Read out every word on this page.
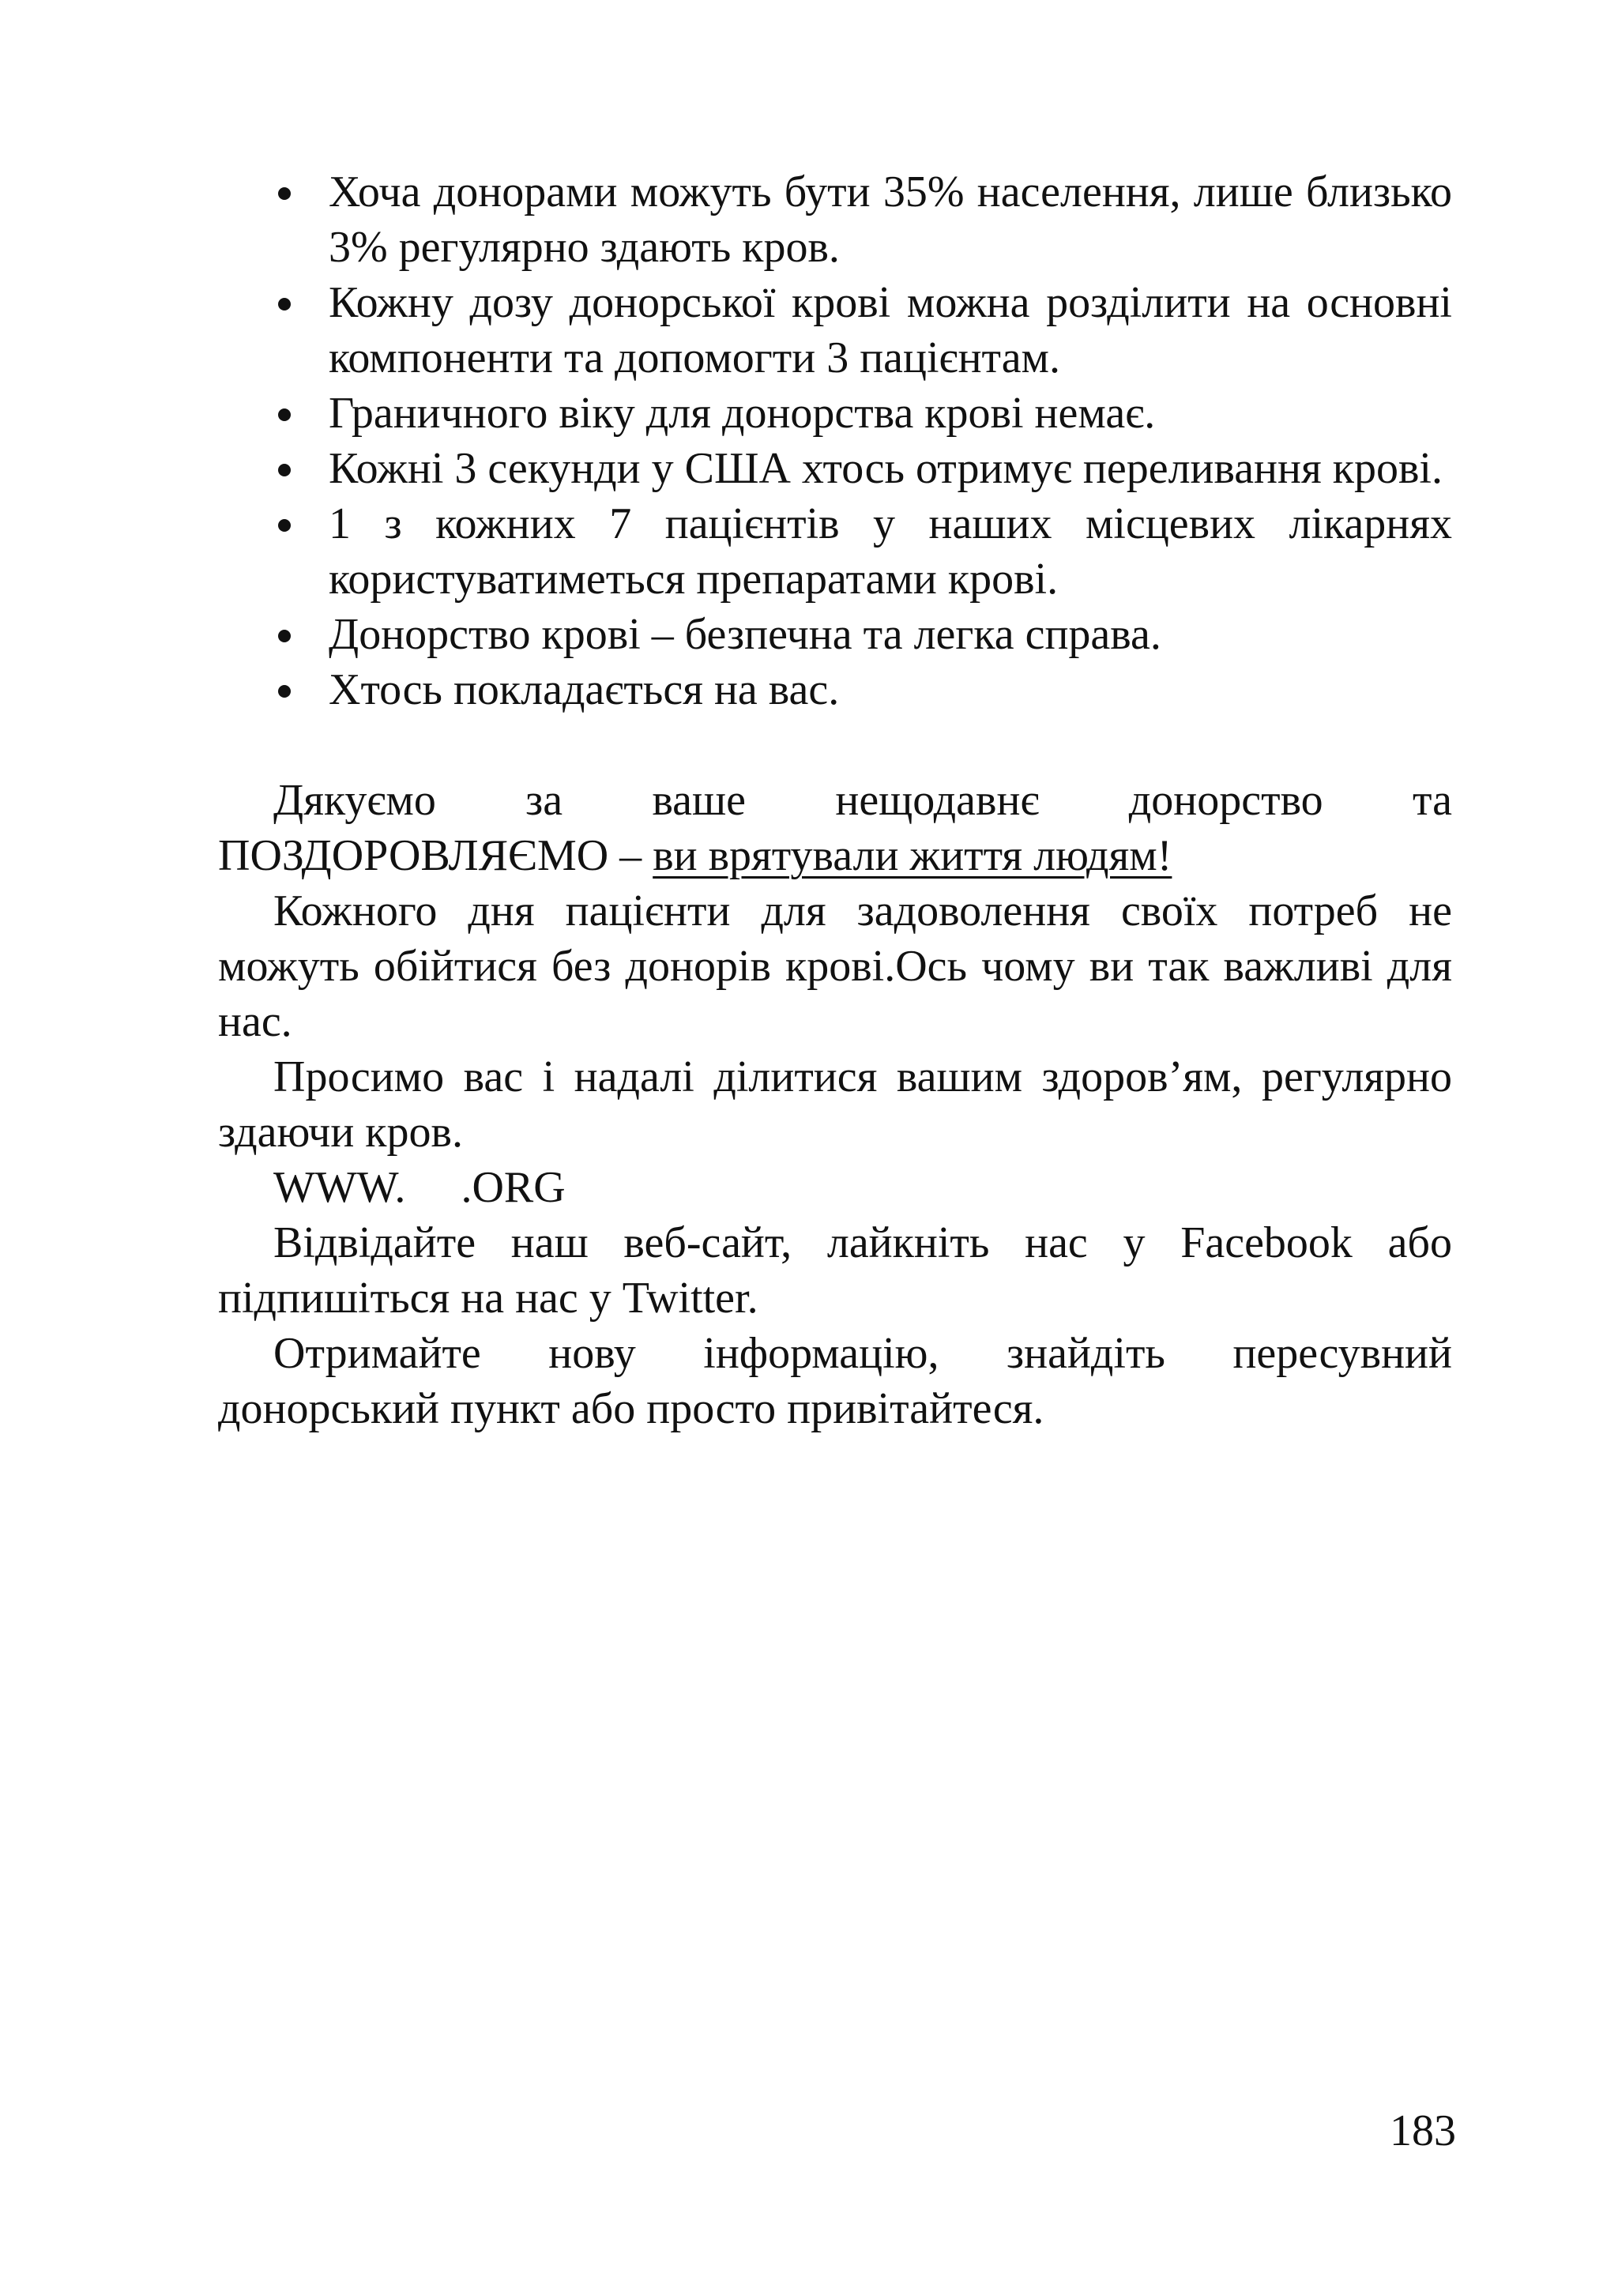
Хоча донорами можуть бути 35% населення, лише близько 3% регулярно здають кров.
Кожну дозу донорської крові можна розділити на основні компоненти та допомогти 3 пацієнтам.
Граничного віку для донорства крові немає.
Кожні 3 секунди у США хтось отримує переливання крові.
1 з кожних 7 пацієнтів у наших місцевих лікарнях користуватиметься препаратами крові.
Донорство крові – безпечна та легка справа.
Хтось покладається на вас.

Дякуємо за ваше нещодавнє донорство та

ПОЗДОРОВЛЯЄМО – ви врятували життя людям!

Кожного дня пацієнти для задоволення своїх потреб не можуть обійтися без донорів крові.Ось чому ви так важливі для нас.

Просимо вас і надалі ділитися вашим здоров’ям, регулярно здаючи кров.

WWW. .ORG

Відвідайте наш веб-сайт, лайкніть нас у Facebook або підпишіться на нас у Twitter.

Отримайте нову інформацію, знайдіть пересувний донорський пункт або просто привітайтеся.

183
